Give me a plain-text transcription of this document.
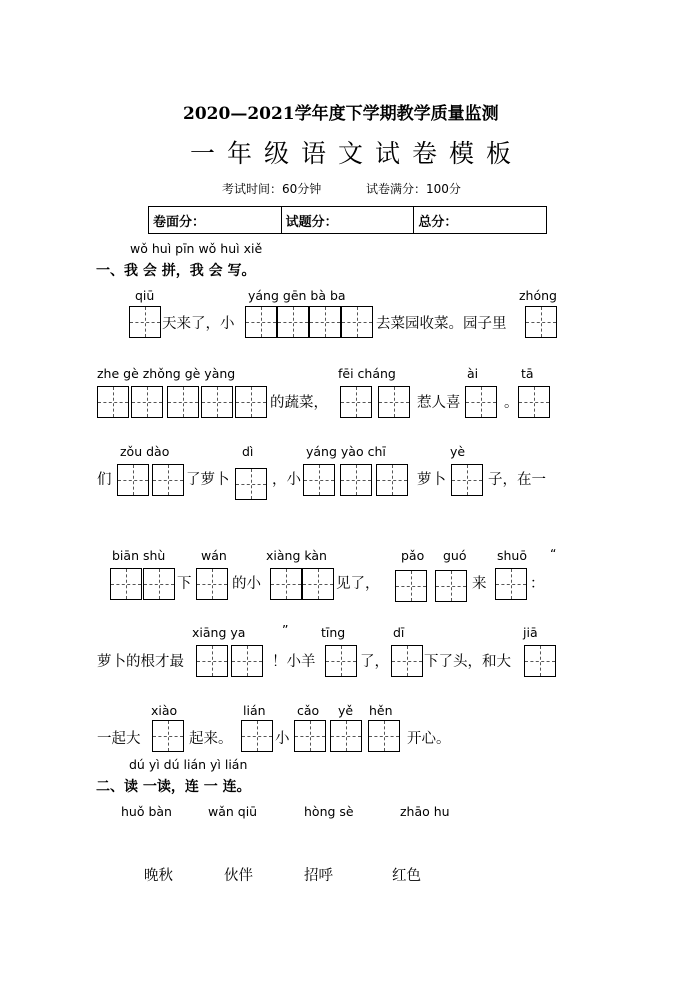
2020—2021学年度下学期教学质量监测
一年级语文试卷模板
考试时间：60分钟	试卷满分：100分
卷面分：	试题分：	总分：
wǒ huì pīn wǒ huì xiě
一、我 会 拼，我 会 写。
qiū	yáng gēn bà ba	zhóng
天来了，小	去菜园收菜。园子里
zhe gè zhǒng gè yàng	fēi cháng	ài	tā
的蔬菜，	惹人喜	。
zǒu dào	dì	yáng yào chī	yè
们	了萝卜	，小	萝卜	子，在一
biān shù	wán	xiàng kàn	pǎo guó shuō “
下	的小	见了，	来	：
xiāng ya	”	tīng	dī	jiā
萝卜的根才最	！小羊	了， 下了头，和大
xiào	lián	cǎo yě hěn
一起大	起来。	小	开心。
dú yì dú lián yì lián
二、读 一读，连 一 连。
huǒ bàn	wǎn qiū	hòng sè	zhāo hu
晚秋	伙伴	招呼	红色
